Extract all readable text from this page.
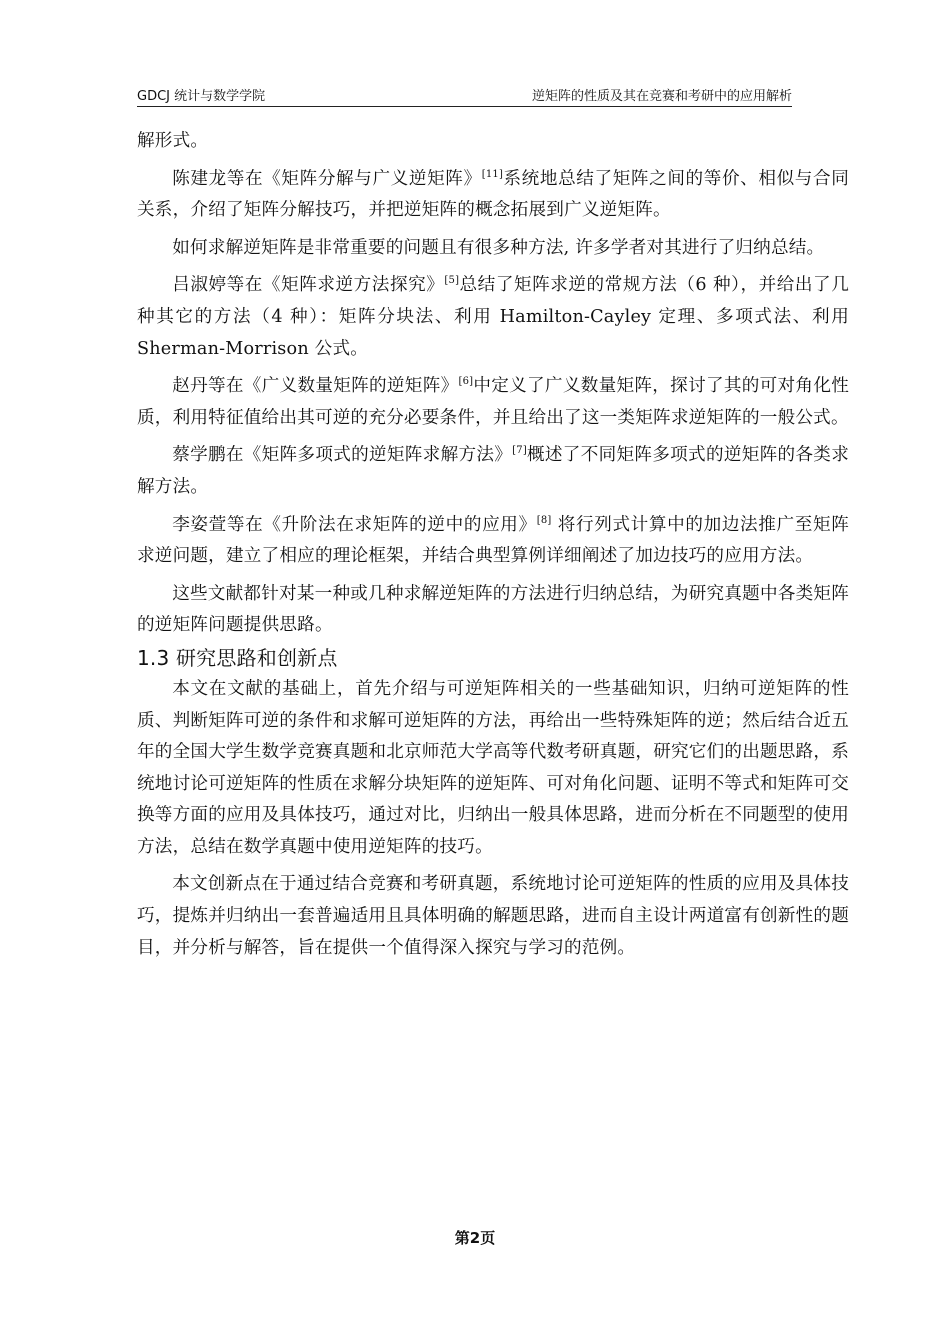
GDCJ 统计与数学学院	逆矩阵的性质及其在竞赛和考研中的应用解析

解形式。

陈建龙等在《矩阵分解与广义逆矩阵》[11]系统地总结了矩阵之间的等价、相似与合同关系，介绍了矩阵分解技巧，并把逆矩阵的概念拓展到广义逆矩阵。

如何求解逆矩阵是非常重要的问题且有很多种方法, 许多学者对其进行了归纳总结。

吕淑婷等在《矩阵求逆方法探究》[5]总结了矩阵求逆的常规方法（6 种），并给出了几种其它的方法（4 种）：矩阵分块法、利用 Hamilton-Cayley 定理、多项式法、利用 Sherman-Morrison 公式。

赵丹等在《广义数量矩阵的逆矩阵》[6]中定义了广义数量矩阵，探讨了其的可对角化性质，利用特征值给出其可逆的充分必要条件，并且给出了这一类矩阵求逆矩阵的一般公式。

蔡学鹏在《矩阵多项式的逆矩阵求解方法》[7]概述了不同矩阵多项式的逆矩阵的各类求解方法。

李姿萱等在《升阶法在求矩阵的逆中的应用》[8] 将行列式计算中的加边法推广至矩阵求逆问题，建立了相应的理论框架，并结合典型算例详细阐述了加边技巧的应用方法。

这些文献都针对某一种或几种求解逆矩阵的方法进行归纳总结，为研究真题中各类矩阵的逆矩阵问题提供思路。

1.3 研究思路和创新点

本文在文献的基础上，首先介绍与可逆矩阵相关的一些基础知识，归纳可逆矩阵的性质、判断矩阵可逆的条件和求解可逆矩阵的方法，再给出一些特殊矩阵的逆；然后结合近五年的全国大学生数学竞赛真题和北京师范大学高等代数考研真题，研究它们的出题思路，系统地讨论可逆矩阵的性质在求解分块矩阵的逆矩阵、可对角化问题、证明不等式和矩阵可交换等方面的应用及具体技巧，通过对比，归纳出一般具体思路，进而分析在不同题型的使用方法，总结在数学真题中使用逆矩阵的技巧。

本文创新点在于通过结合竞赛和考研真题，系统地讨论可逆矩阵的性质的应用及具体技巧，提炼并归纳出一套普遍适用且具体明确的解题思路，进而自主设计两道富有创新性的题目，并分析与解答，旨在提供一个值得深入探究与学习的范例。

第2页
